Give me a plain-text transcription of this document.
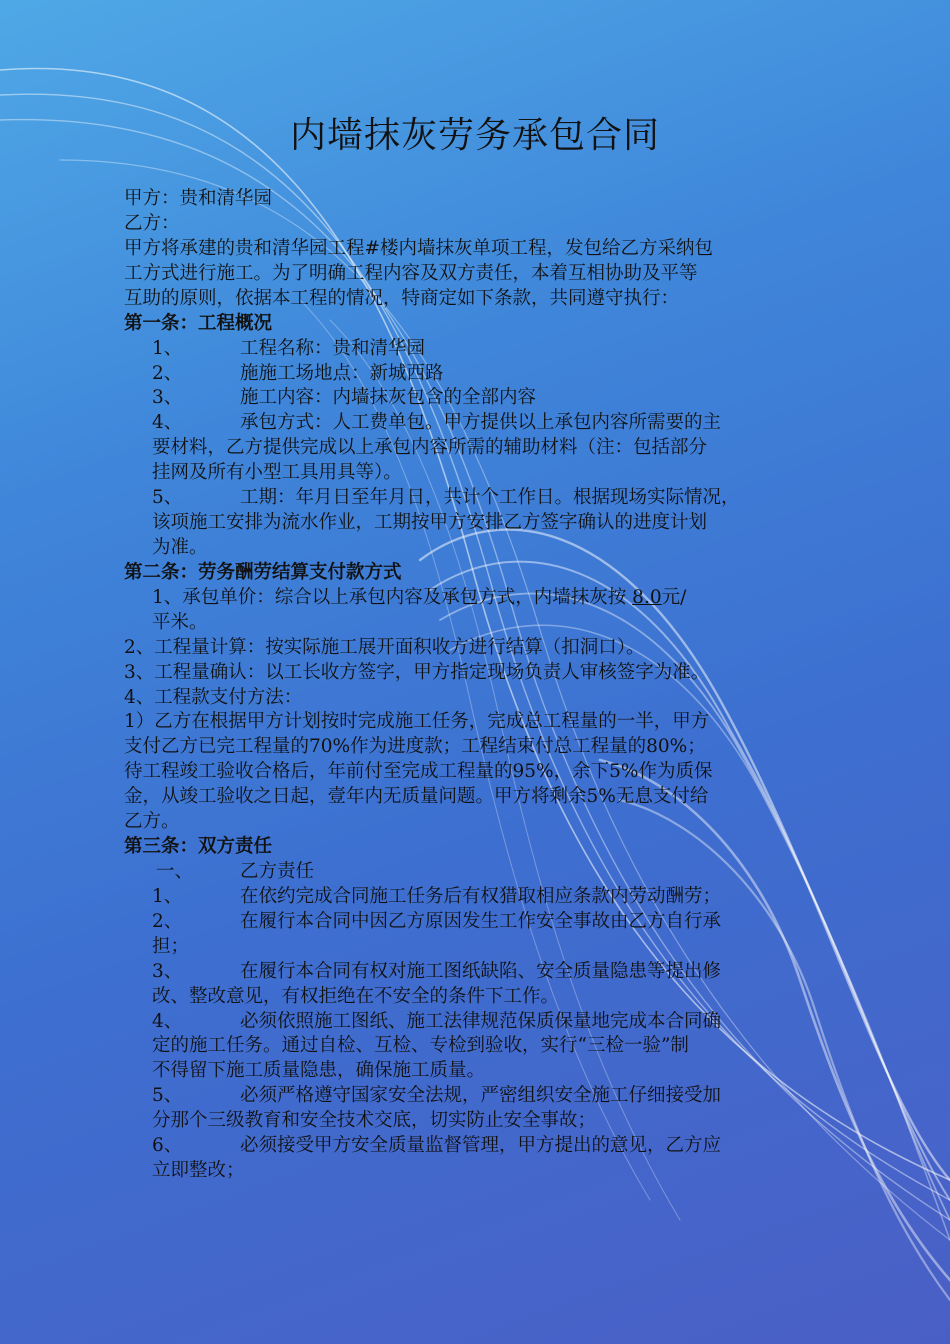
内墙抹灰劳务承包合同
甲方：贵和清华园
乙方：
甲方将承建的贵和清华园工程#楼内墙抹灰单项工程，发包给乙方采纳包
工方式进行施工。为了明确工程内容及双方责任，本着互相协助及平等
互助的原则，依据本工程的情况，特商定如下条款，共同遵守执行：
第一条：工程概况
1、	工程名称：贵和清华园
2、	施施工场地点：新城西路
3、	施工内容：内墙抹灰包含的全部内容
4、	承包方式：人工费单包。甲方提供以上承包内容所需要的主
要材料，乙方提供完成以上承包内容所需的辅助材料（注：包括部分
挂网及所有小型工具用具等）。
5、	工期：年月日至年月日，共计个工作日。根据现场实际情况，
该项施工安排为流水作业，工期按甲方安排乙方签字确认的进度计划
为准。
第二条：劳务酬劳结算支付款方式
1、承包单价：综合以上承包内容及承包方式，内墙抹灰按 8.0元/
平米。
2、工程量计算：按实际施工展开面积收方进行结算（扣洞口）。
3、工程量确认：以工长收方签字，甲方指定现场负责人审核签字为准。
4、工程款支付方法：
1）乙方在根据甲方计划按时完成施工任务，完成总工程量的一半，甲方
支付乙方已完工程量的70%作为进度款；工程结束付总工程量的80%；
待工程竣工验收合格后，年前付至完成工程量的95%，余下5%作为质保
金，从竣工验收之日起，壹年内无质量问题。甲方将剩余5%无息支付给
乙方。
第三条：双方责任
一、	乙方责任
1、	在依约完成合同施工任务后有权猎取相应条款内劳动酬劳；
2、	在履行本合同中因乙方原因发生工作安全事故由乙方自行承
担；
3、	在履行本合同有权对施工图纸缺陷、安全质量隐患等提出修
改、整改意见，有权拒绝在不安全的条件下工作。
4、	必须依照施工图纸、施工法律规范保质保量地完成本合同确
定的施工任务。通过自检、互检、专检到验收，实行“三检一验”制
不得留下施工质量隐患，确保施工质量。
5、	必须严格遵守国家安全法规，严密组织安全施工仔细接受加
分那个三级教育和安全技术交底，切实防止安全事故；
6、	必须接受甲方安全质量监督管理，甲方提出的意见，乙方应
立即整改；
